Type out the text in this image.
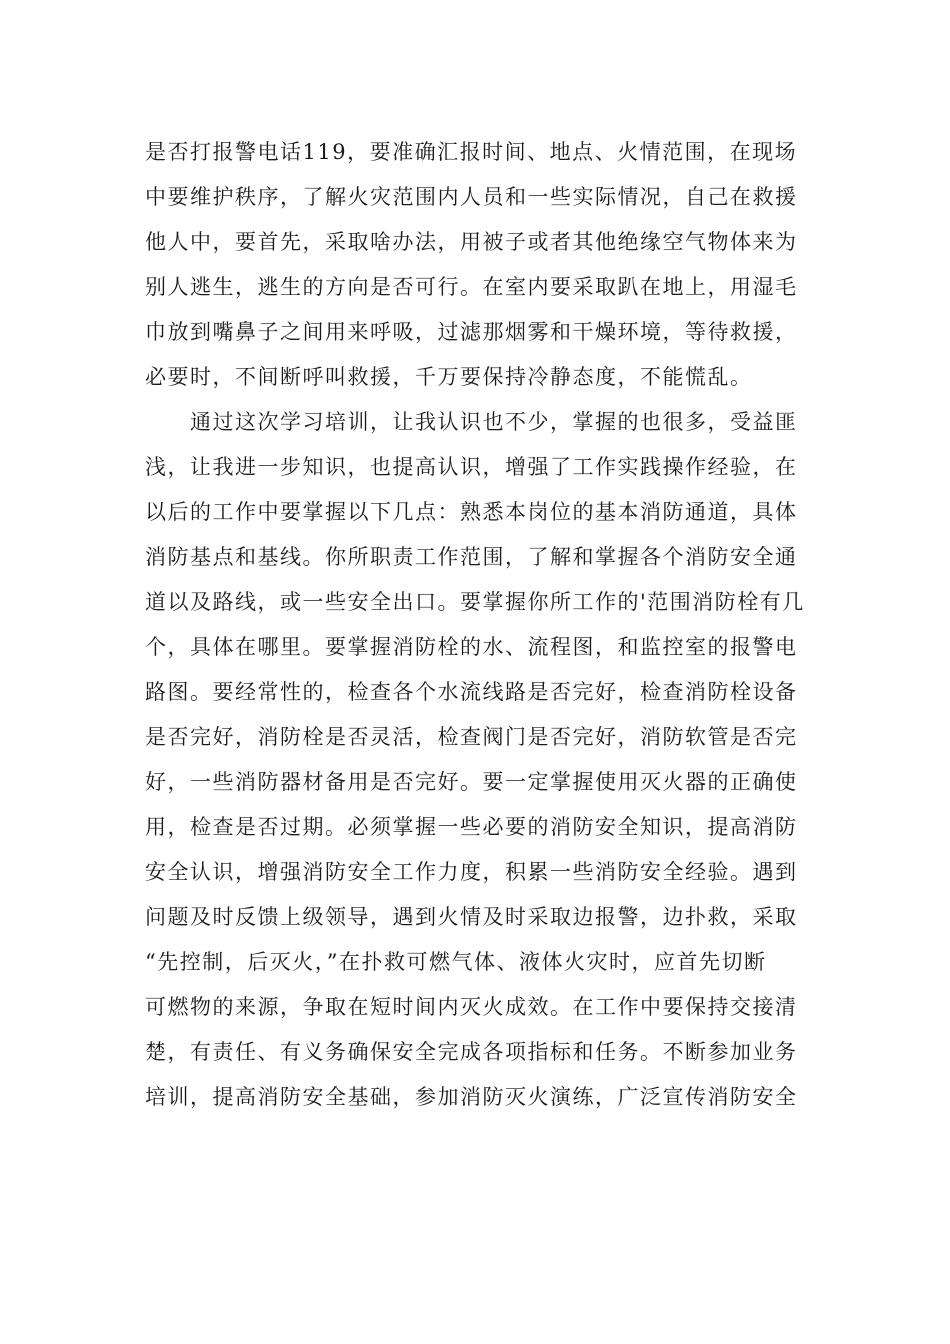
是否打报警电话119，要准确汇报时间、地点、火情范围，在现场
中要维护秩序，了解火灾范围内人员和一些实际情况，自己在救援
他人中，要首先，采取啥办法，用被子或者其他绝缘空气物体来为
别人逃生，逃生的方向是否可行。在室内要采取趴在地上，用湿毛
巾放到嘴鼻子之间用来呼吸，过滤那烟雾和干燥环境，等待救援，
必要时，不间断呼叫救援，千万要保持冷静态度，不能慌乱。
　　通过这次学习培训，让我认识也不少，掌握的也很多，受益匪
浅，让我进一步知识，也提高认识，增强了工作实践操作经验，在
以后的工作中要掌握以下几点：熟悉本岗位的基本消防通道，具体
消防基点和基线。你所职责工作范围，了解和掌握各个消防安全通
道以及路线，或一些安全出口。要掌握你所工作的'范围消防栓有几
个，具体在哪里。要掌握消防栓的水、流程图，和监控室的报警电
路图。要经常性的，检查各个水流线路是否完好，检查消防栓设备
是否完好，消防栓是否灵活，检查阀门是否完好，消防软管是否完
好，一些消防器材备用是否完好。要一定掌握使用灭火器的正确使
用，检查是否过期。必须掌握一些必要的消防安全知识，提高消防
安全认识，增强消防安全工作力度，积累一些消防安全经验。遇到
问题及时反馈上级领导，遇到火情及时采取边报警，边扑救，采取
“先控制，后灭火，”在扑救可燃气体、液体火灾时，应首先切断
可燃物的来源，争取在短时间内灭火成效。在工作中要保持交接清
楚，有责任、有义务确保安全完成各项指标和任务。不断参加业务
培训，提高消防安全基础，参加消防灭火演练，广泛宣传消防安全
